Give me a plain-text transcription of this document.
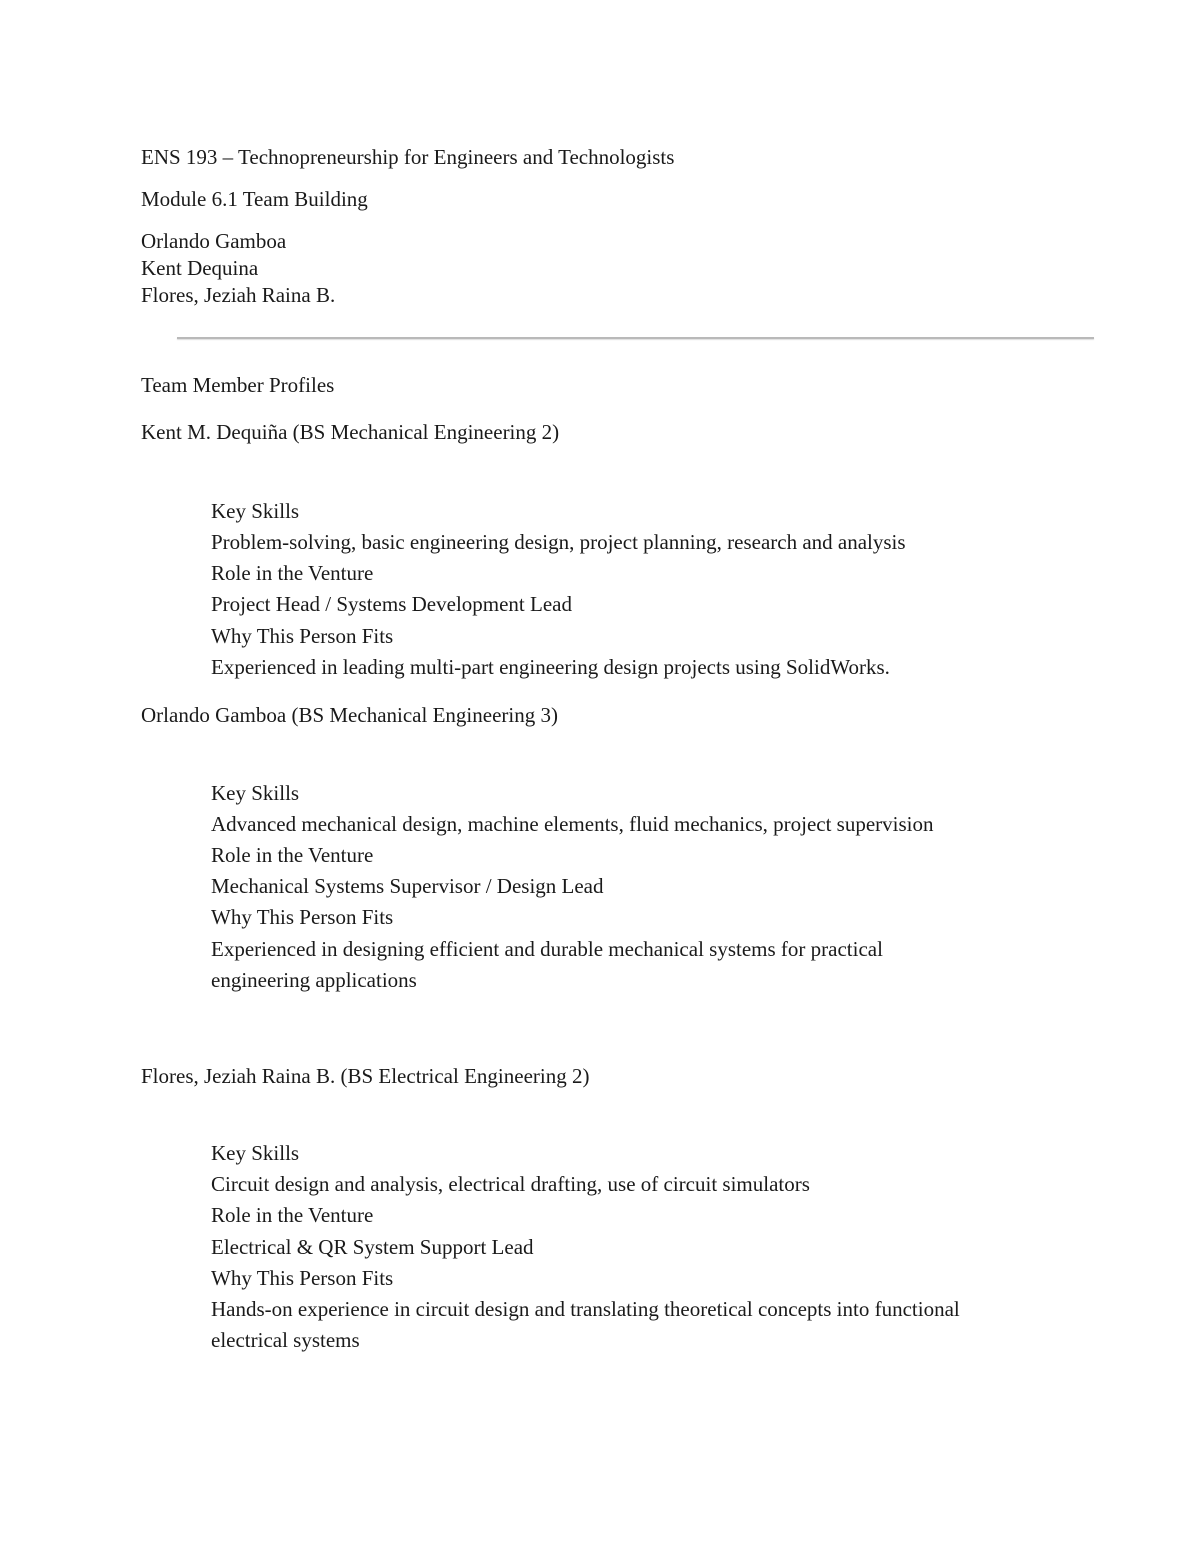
ENS 193 – Technopreneurship for Engineers and Technologists
Module 6.1 Team Building
Orlando Gamboa
Kent Dequina
Flores, Jeziah Raina B.
Team Member Profiles
Kent M. Dequiña (BS Mechanical Engineering 2)
Key Skills
Problem-solving, basic engineering design, project planning, research and analysis
Role in the Venture
Project Head / Systems Development Lead
Why This Person Fits
Experienced in leading multi-part engineering design projects using SolidWorks.
Orlando Gamboa (BS Mechanical Engineering 3)
Key Skills
Advanced mechanical design, machine elements, fluid mechanics, project supervision
Role in the Venture
Mechanical Systems Supervisor / Design Lead
Why This Person Fits
Experienced in designing efficient and durable mechanical systems for practical
engineering applications
Flores, Jeziah Raina B. (BS Electrical Engineering 2)
Key Skills
Circuit design and analysis, electrical drafting, use of circuit simulators
Role in the Venture
Electrical & QR System Support Lead
Why This Person Fits
Hands-on experience in circuit design and translating theoretical concepts into functional
electrical systems
